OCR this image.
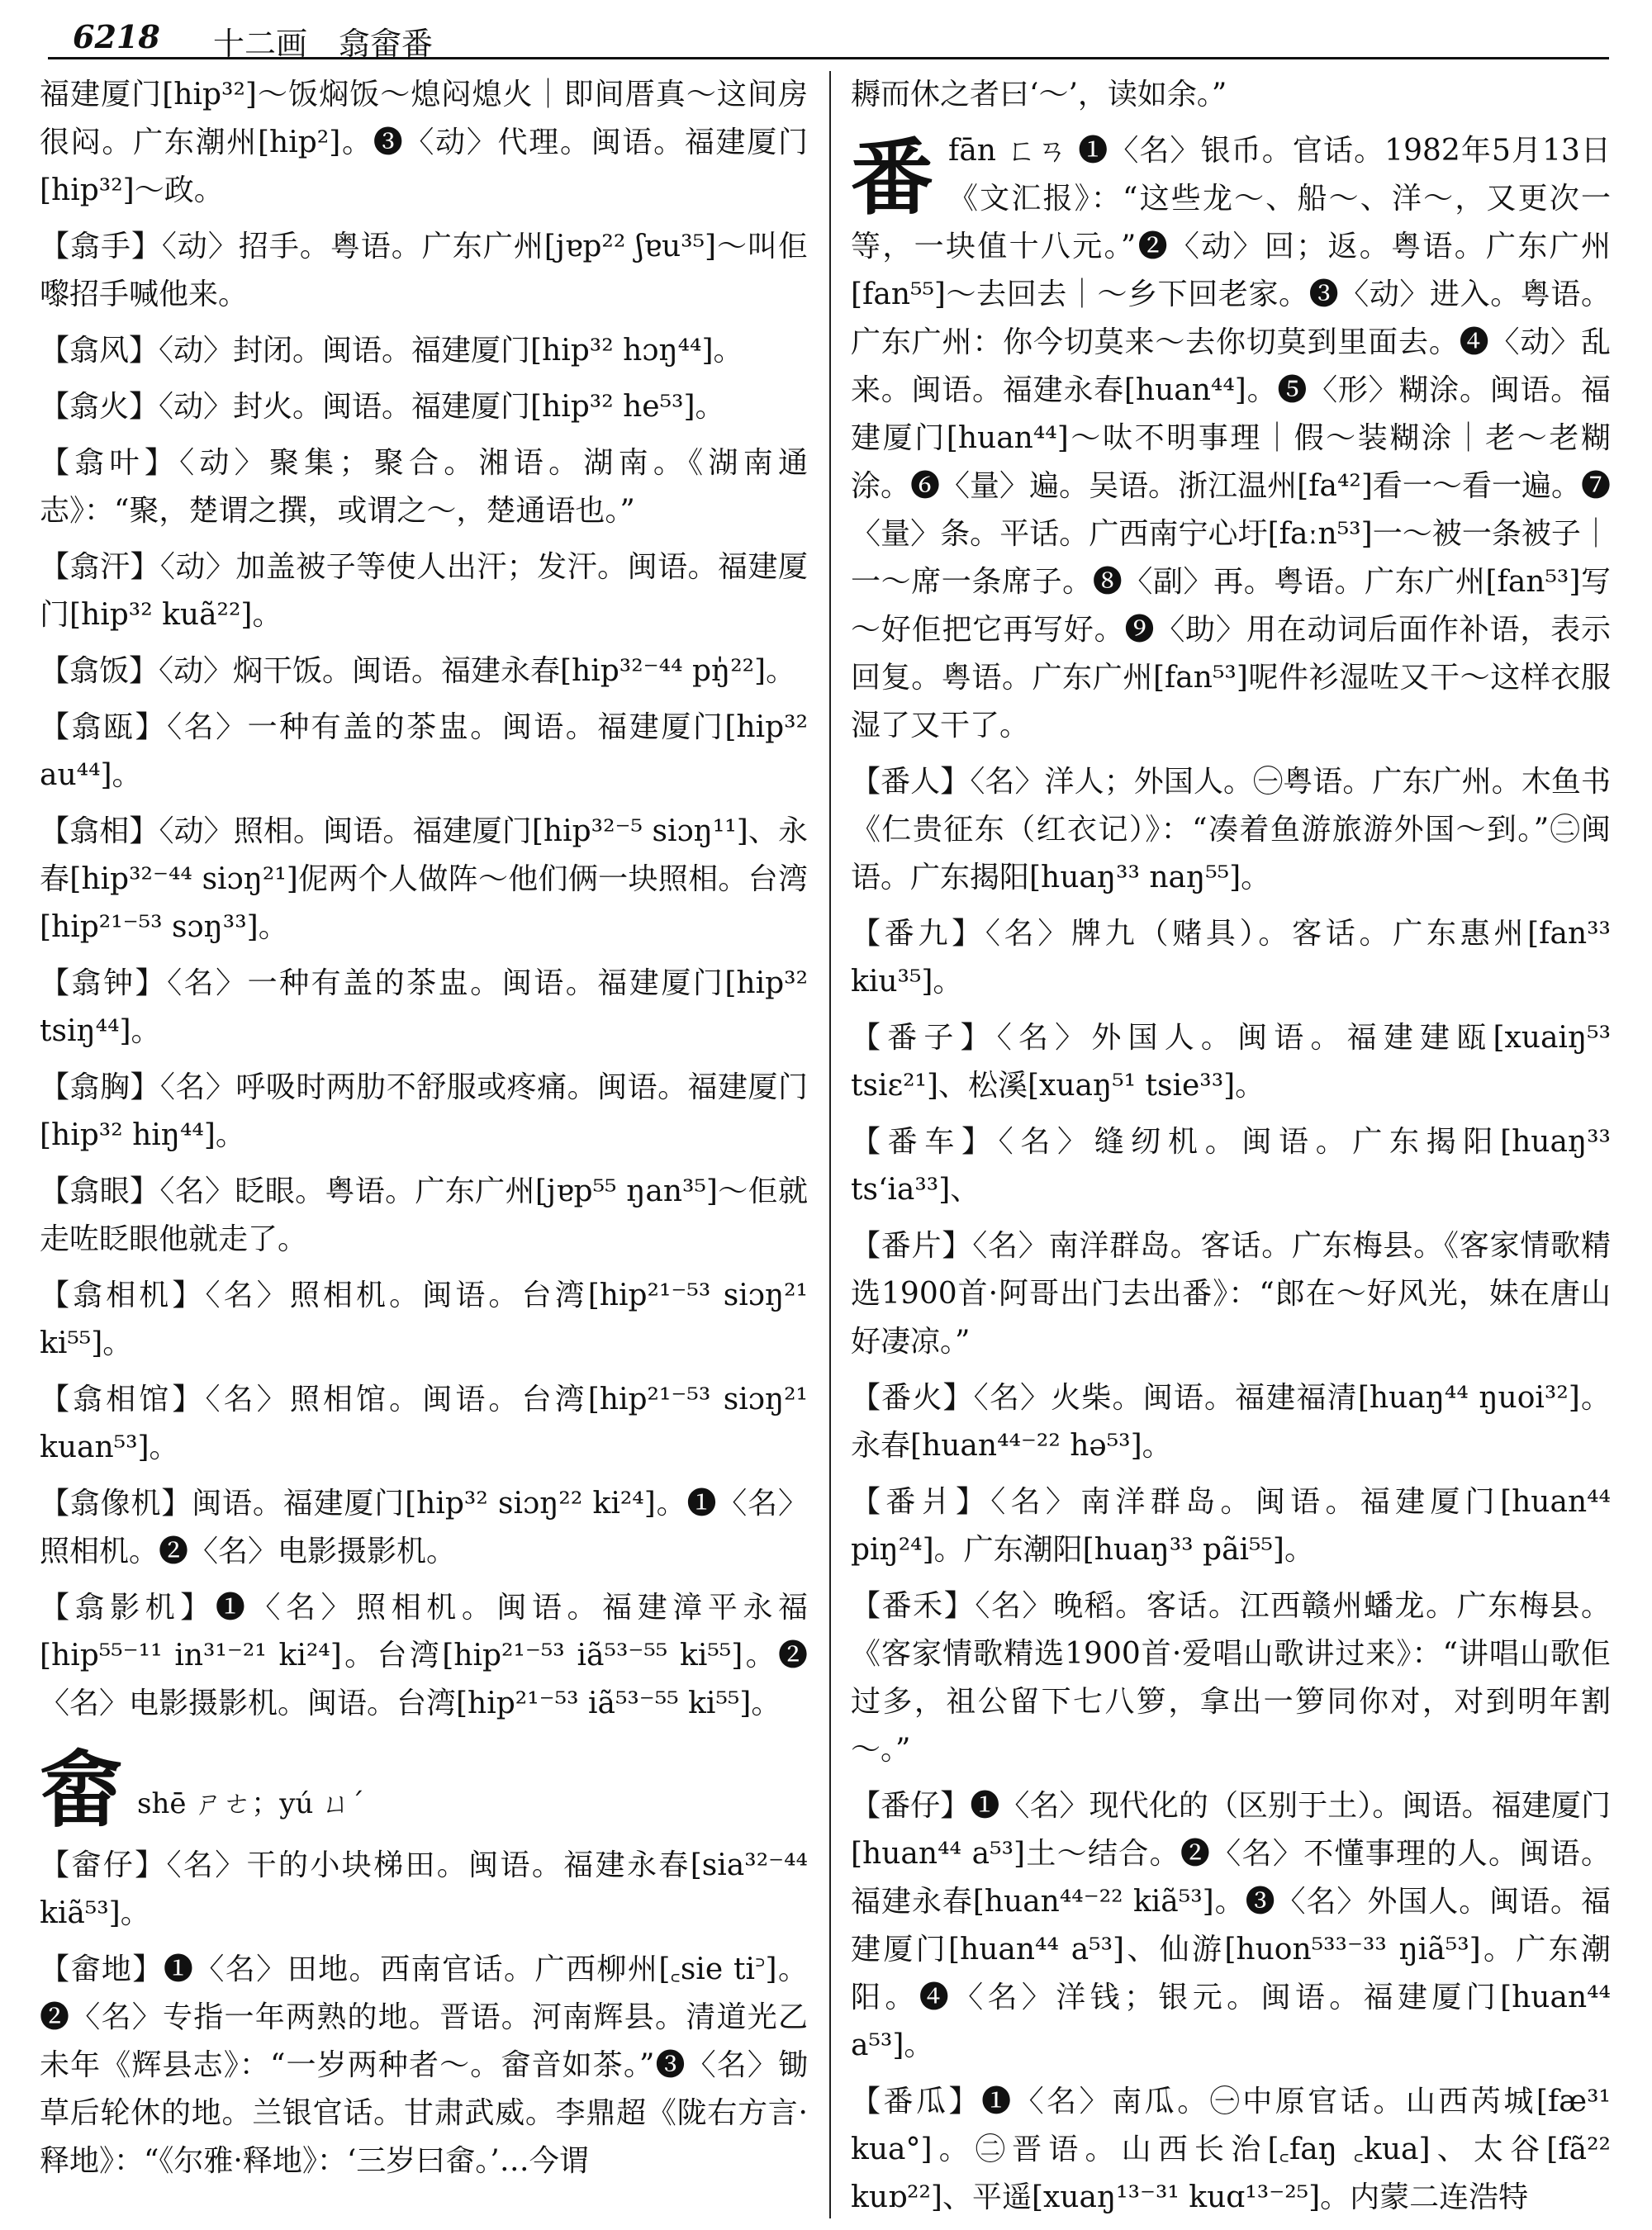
6218 十二画　翕畲番
福建厦门[hip³²]～饭焖饭～熄闷熄火｜即间厝真～这间房很闷。广东潮州[hip²]。❸〈动〉代理。闽语。福建厦门[hip³²]～政。
【翕手】〈动〉招手。粤语。广东广州[jɐp²² ʃɐu³⁵]～叫佢嚟招手喊他来。
【翕风】〈动〉封闭。闽语。福建厦门[hip³² hɔŋ⁴⁴]。
【翕火】〈动〉封火。闽语。福建厦门[hip³² he⁵³]。
【翕叶】〈动〉聚集；聚合。湘语。湖南。《湖南通志》：“聚，楚谓之撰，或谓之～，楚通语也。”
【翕汗】〈动〉加盖被子等使人出汗；发汗。闽语。福建厦门[hip³² kuã²²]。
【翕饭】〈动〉焖干饭。闽语。福建永春[hip³²⁻⁴⁴ pŋ̍²²]。
【翕瓯】〈名〉一种有盖的茶盅。闽语。福建厦门[hip³² au⁴⁴]。
【翕相】〈动〉照相。闽语。福建厦门[hip³²⁻⁵ siɔŋ¹¹]、永春[hip³²⁻⁴⁴ siɔŋ²¹]伲两个人做阵～他们俩一块照相。台湾[hip²¹⁻⁵³ sɔŋ³³]。
【翕钟】〈名〉一种有盖的茶盅。闽语。福建厦门[hip³² tsiŋ⁴⁴]。
【翕胸】〈名〉呼吸时两肋不舒服或疼痛。闽语。福建厦门[hip³² hiŋ⁴⁴]。
【翕眼】〈名〉眨眼。粤语。广东广州[jɐp⁵⁵ ŋan³⁵]～佢就走咗眨眼他就走了。
【翕相机】〈名〉照相机。闽语。台湾[hip²¹⁻⁵³ siɔŋ²¹ ki⁵⁵]。
【翕相馆】〈名〉照相馆。闽语。台湾[hip²¹⁻⁵³ siɔŋ²¹ kuan⁵³]。
【翕像机】闽语。福建厦门[hip³² siɔŋ²² ki²⁴]。❶〈名〉照相机。❷〈名〉电影摄影机。
【翕影机】❶〈名〉照相机。闽语。福建漳平永福[hip⁵⁵⁻¹¹ in³¹⁻²¹ ki²⁴]。台湾[hip²¹⁻⁵³ iã⁵³⁻⁵⁵ ki⁵⁵]。❷〈名〉电影摄影机。闽语。台湾[hip²¹⁻⁵³ iã⁵³⁻⁵⁵ ki⁵⁵]。
畲 shē ㄕㄜ；yú ㄩˊ
【畲仔】〈名〉干的小块梯田。闽语。福建永春[sia³²⁻⁴⁴ kiã⁵³]。
【畲地】❶〈名〉田地。西南官话。广西柳州[꜀sie ti꜄]。❷〈名〉专指一年两熟的地。晋语。河南辉县。清道光乙未年《辉县志》：“一岁两种者～。畲音如茶。”❸〈名〉锄草后轮休的地。兰银官话。甘肃武威。李鼎超《陇右方言·释地》：“《尔雅·释地》：‘三岁曰畲。’…今谓
耨而休之者曰‘～’，读如余。”
番 fān ㄈㄢ ❶〈名〉银币。官话。1982年5月13日《文汇报》：“这些龙～、船～、洋～，又更次一等，一块值十八元。”❷〈动〉回；返。粤语。广东广州[fan⁵⁵]～去回去｜～乡下回老家。❸〈动〉进入。粤语。广东广州：你今切莫来～去你切莫到里面去。❹〈动〉乱来。闽语。福建永春[huan⁴⁴]。❺〈形〉糊涂。闽语。福建厦门[huan⁴⁴]～呔不明事理｜假～装糊涂｜老～老糊涂。❻〈量〉遍。吴语。浙江温州[fa⁴²]看一～看一遍。❼〈量〉条。平话。广西南宁心圩[faːn⁵³]一～被一条被子｜一～席一条席子。❽〈副〉再。粤语。广东广州[fan⁵³]写～好佢把它再写好。❾〈助〉用在动词后面作补语，表示回复。粤语。广东广州[fan⁵³]呢件衫湿咗又干～这样衣服湿了又干了。
【番人】〈名〉洋人；外国人。㊀粤语。广东广州。木鱼书《仁贵征东（红衣记）》：“凑着鱼游旅游外国～到。”㊁闽语。广东揭阳[huaŋ³³ naŋ⁵⁵]。
【番九】〈名〉牌九（赌具）。客话。广东惠州[fan³³ kiu³⁵]。
【番子】〈名〉外国人。闽语。福建建瓯[xuaiŋ⁵³ tsiɛ²¹]、松溪[xuaŋ⁵¹ tsie³³]。
【番车】〈名〉缝纫机。闽语。广东揭阳[huaŋ³³ ts‘ia³³]、
【番片】〈名〉南洋群岛。客话。广东梅县。《客家情歌精选1900首·阿哥出门去出番》：“郎在～好风光，妹在唐山好凄凉。”
【番火】〈名〉火柴。闽语。福建福清[huaŋ⁴⁴ ŋuoi³²]。永春[huan⁴⁴⁻²² hə⁵³]。
【番爿】〈名〉南洋群岛。闽语。福建厦门[huan⁴⁴ piŋ²⁴]。广东潮阳[huaŋ³³ pãi⁵⁵]。
【番禾】〈名〉晚稻。客话。江西赣州蟠龙。广东梅县。《客家情歌精选1900首·爱唱山歌讲过来》：“讲唱山歌佢过多，祖公留下七八箩，拿出一箩同你对，对到明年割～。”
【番仔】❶〈名〉现代化的（区别于土）。闽语。福建厦门[huan⁴⁴ a⁵³]土～结合。❷〈名〉不懂事理的人。闽语。福建永春[huan⁴⁴⁻²² kiã⁵³]。❸〈名〉外国人。闽语。福建厦门[huan⁴⁴ a⁵³]、仙游[huon⁵³³⁻³³ ŋiã⁵³]。广东潮阳。❹〈名〉洋钱；银元。闽语。福建厦门[huan⁴⁴ a⁵³]。
【番瓜】❶〈名〉南瓜。㊀中原官话。山西芮城[fæ³¹ kua°]。㊁晋语。山西长治[꜀faŋ ꜀kua]、太谷[fã²² kuɒ²²]、平遥[xuaŋ¹³⁻³¹ kuɑ¹³⁻²⁵]。内蒙二连浩特
